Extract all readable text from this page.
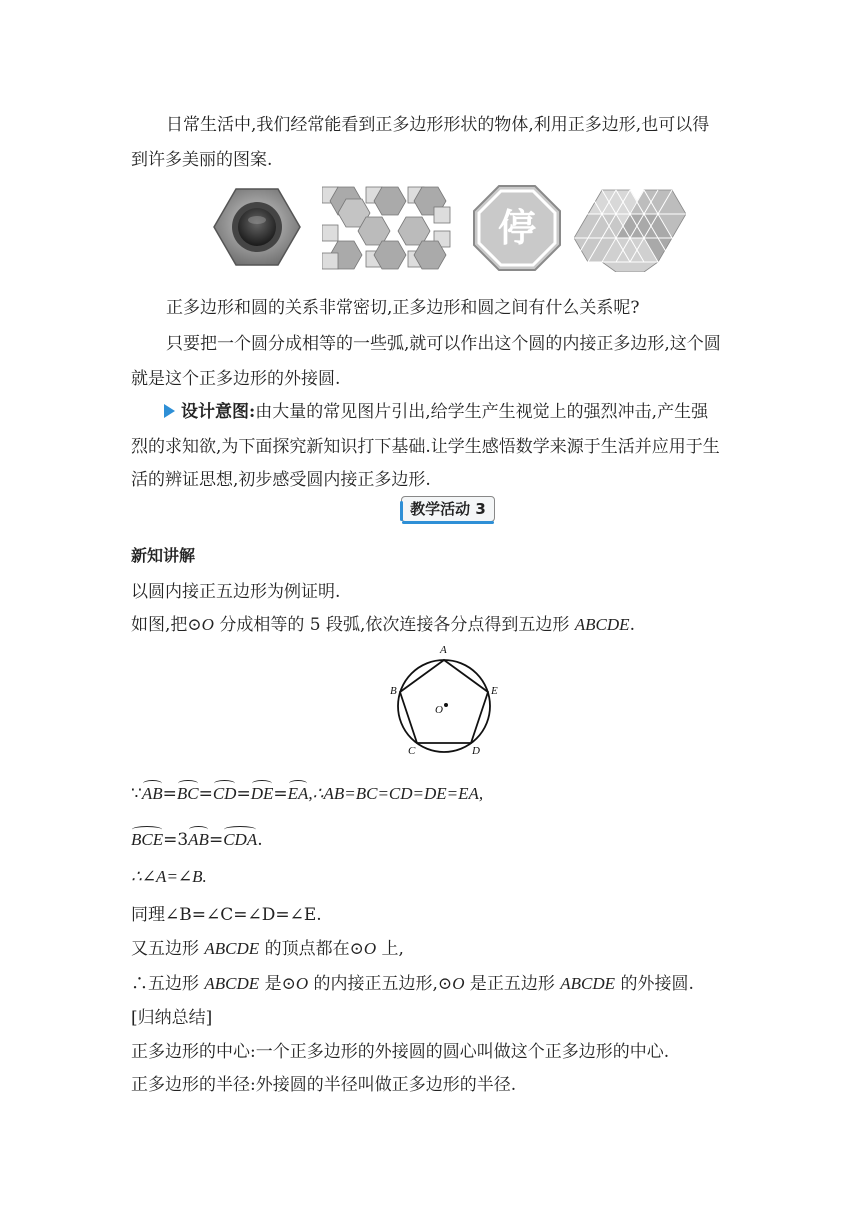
日常生活中,我们经常能看到正多边形形状的物体,利用正多边形,也可以得
到许多美丽的图案.
停
正多边形和圆的关系非常密切,正多边形和圆之间有什么关系呢?
只要把一个圆分成相等的一些弧,就可以作出这个圆的内接正多边形,这个圆
就是这个正多边形的外接圆.
设计意图:由大量的常见图片引出,给学生产生视觉上的强烈冲击,产生强
烈的求知欲,为下面探究新知识打下基础.让学生感悟数学来源于生活并应用于生
活的辨证思想,初步感受圆内接正多边形.
教学活动 3
新知讲解
以圆内接正五边形为例证明.
如图,把⊙O 分成相等的 5 段弧,依次连接各分点得到五边形 ABCDE.
A
B
C	D
E
O
∵AB=BC=CD=DE=EA,∴AB=BC=CD=DE=EA,
BCE=3AB=CDA.
∴∠A=∠B.
同理∠B=∠C=∠D=∠E.
又五边形 ABCDE 的顶点都在⊙O 上,
∴五边形 ABCDE 是⊙O 的内接正五边形,⊙O 是正五边形 ABCDE 的外接圆.
[归纳总结]
正多边形的中心:一个正多边形的外接圆的圆心叫做这个正多边形的中心.
正多边形的半径:外接圆的半径叫做正多边形的半径.
